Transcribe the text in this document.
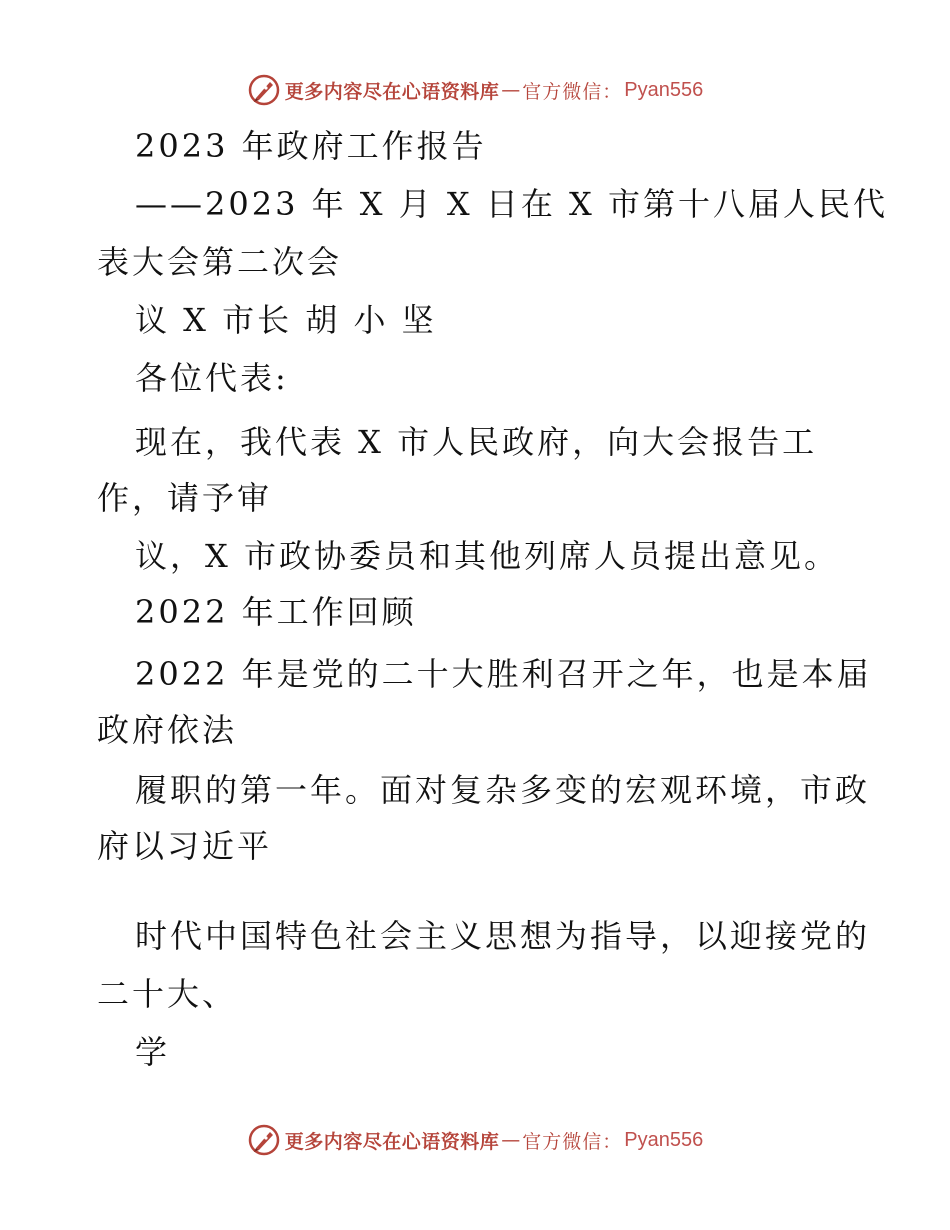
更多内容尽在心语资料库 — 官方微信： Pyan556
2023 年政府工作报告
——2023 年 X 月 X 日在 X 市第十八届人民代
表大会第二次会
议 X 市长 胡 小 坚
各位代表:
现在，我代表 X 市人民政府，向大会报告工
作，请予审
议，X 市政协委员和其他列席人员提出意见。
2022 年工作回顾
2022 年是党的二十大胜利召开之年，也是本届
政府依法
履职的第一年。面对复杂多变的宏观环境，市政
府以习近平
时代中国特色社会主义思想为指导，以迎接党的
二十大、
学
更多内容尽在心语资料库 — 官方微信： Pyan556
